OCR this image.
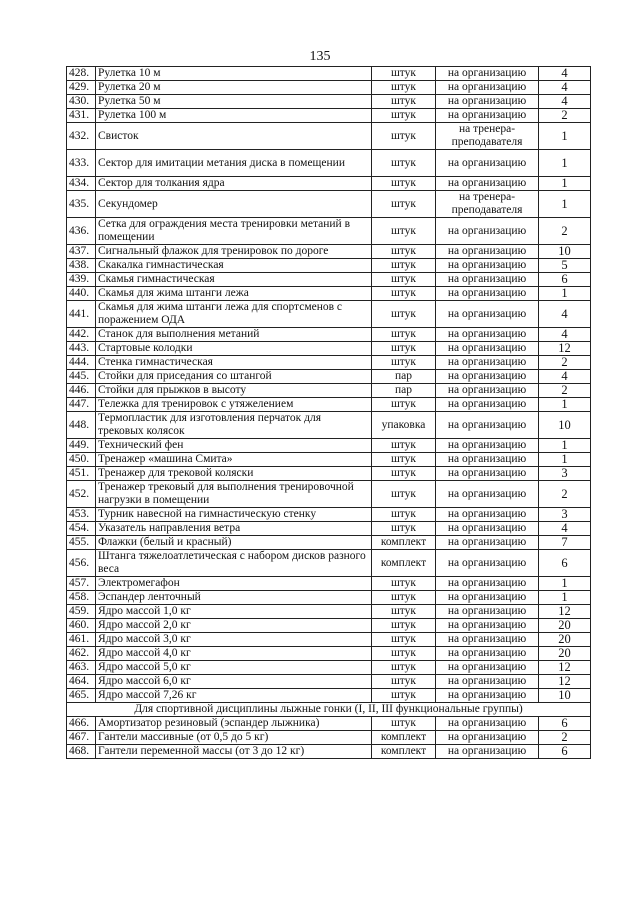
135
428.	Рулетка 10 м	штук	на организацию	4
429.	Рулетка 20 м	штук	на организацию	4
430.	Рулетка 50 м	штук	на организацию	4
431.	Рулетка 100 м	штук	на организацию	2
432.	Свисток	штук	на тренера-преподавателя	1
433.	Сектор для имитации метания диска в помещении	штук	на организацию	1
434.	Сектор для толкания ядра	штук	на организацию	1
435.	Секундомер	штук	на тренера-преподавателя	1
436.	Сетка для ограждения места тренировки метаний в помещении	штук	на организацию	2
437.	Сигнальный флажок для тренировок по дороге	штук	на организацию	10
438.	Скакалка гимнастическая	штук	на организацию	5
439.	Скамья гимнастическая	штук	на организацию	6
440.	Скамья для жима штанги лежа	штук	на организацию	1
441.	Скамья для жима штанги лежа для спортсменов с поражением ОДА	штук	на организацию	4
442.	Станок для выполнения метаний	штук	на организацию	4
443.	Стартовые колодки	штук	на организацию	12
444.	Стенка гимнастическая	штук	на организацию	2
445.	Стойки для приседания со штангой	пар	на организацию	4
446.	Стойки для прыжков в высоту	пар	на организацию	2
447.	Тележка для тренировок с утяжелением	штук	на организацию	1
448.	Термопластик для изготовления перчаток для трековых колясок	упаковка	на организацию	10
449.	Технический фен	штук	на организацию	1
450.	Тренажер «машина Смита»	штук	на организацию	1
451.	Тренажер для трековой коляски	штук	на организацию	3
452.	Тренажер трековый для выполнения тренировочной нагрузки в помещении	штук	на организацию	2
453.	Турник навесной на гимнастическую стенку	штук	на организацию	3
454.	Указатель направления ветра	штук	на организацию	4
455.	Флажки (белый и красный)	комплект	на организацию	7
456.	Штанга тяжелоатлетическая с набором дисков разного веса	комплект	на организацию	6
457.	Электромегафон	штук	на организацию	1
458.	Эспандер ленточный	штук	на организацию	1
459.	Ядро массой 1,0 кг	штук	на организацию	12
460.	Ядро массой 2,0 кг	штук	на организацию	20
461.	Ядро массой 3,0 кг	штук	на организацию	20
462.	Ядро массой 4,0 кг	штук	на организацию	20
463.	Ядро массой 5,0 кг	штук	на организацию	12
464.	Ядро массой 6,0 кг	штук	на организацию	12
465.	Ядро массой 7,26 кг	штук	на организацию	10
Для спортивной дисциплины лыжные гонки (I, II, III функциональные группы)				
466.	Амортизатор резиновый (эспандер лыжника)	штук	на организацию	6
467.	Гантели массивные (от 0,5 до 5 кг)	комплект	на организацию	2
468.	Гантели переменной массы (от 3 до 12 кг)	комплект	на организацию	6
